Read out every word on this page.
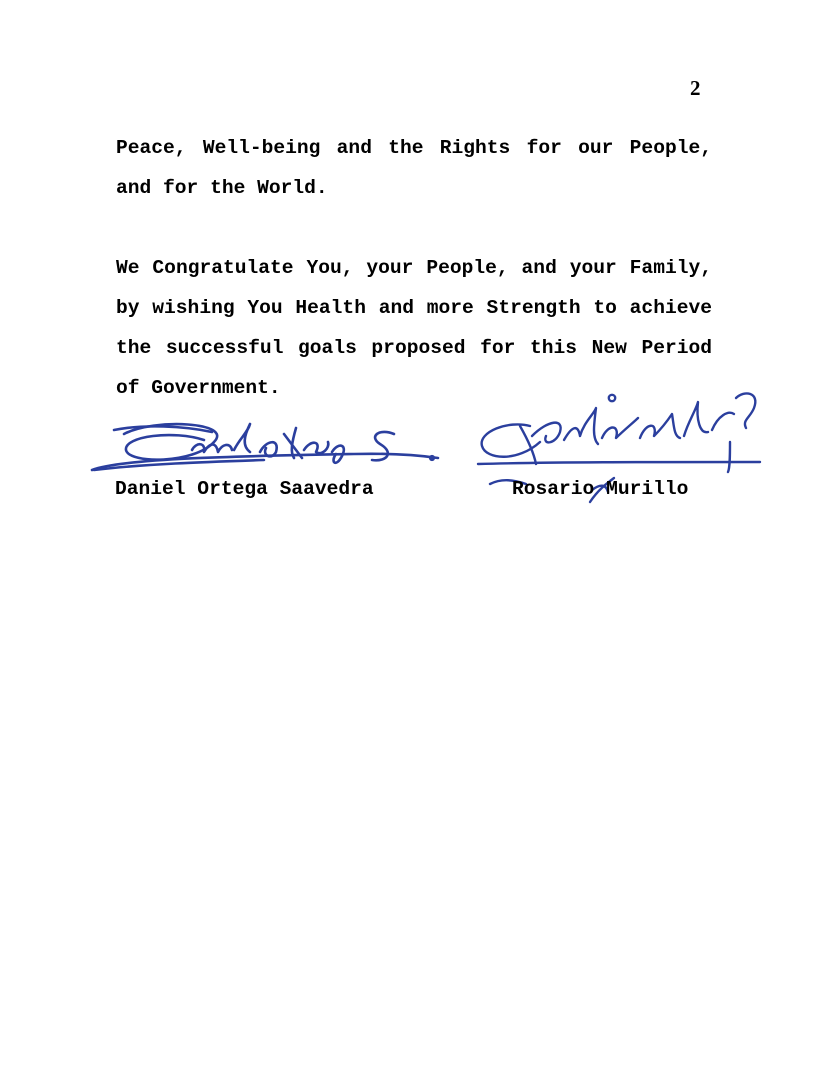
2

Peace, Well-being and the Rights for our People, and for the World.

We Congratulate You, your People, and your Family, by wishing You Health and more Strength to achieve the successful goals proposed for this New Period of Government.

Daniel Ortega Saavedra	Rosario Murillo
